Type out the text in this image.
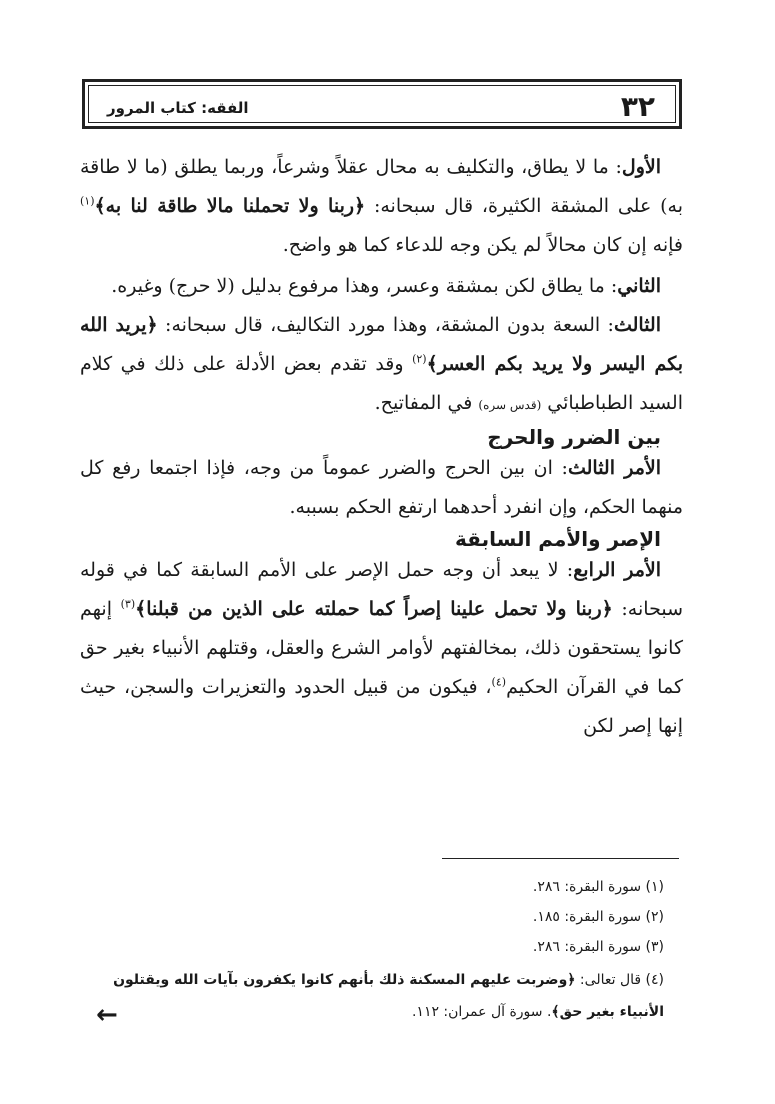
٣٢
الفقه: كتاب المرور

الأول: ما لا يطاق، والتكليف به محال عقلاً وشرعاً، وربما يطلق (ما لا طاقة به) على المشقة الكثيرة، قال سبحانه: ﴿ربنا ولا تحملنا مالا طاقة لنا به﴾$^{(١)}$ فإنه إن كان محالاً لم يكن وجه للدعاء كما هو واضح.

الثاني: ما يطاق لكن بمشقة وعسر، وهذا مرفوع بدليل (لا حرج) وغيره.

الثالث: السعة بدون المشقة، وهذا مورد التكاليف، قال سبحانه: ﴿يريد الله بكم اليسر ولا يريد بكم العسر﴾$^{(٢)}$ وقد تقدم بعض الأدلة على ذلك في كلام السيد الطباطبائي (قدس سره) في المفاتيح.

بين الضرر والحرج

الأمر الثالث: ان بين الحرج والضرر عموماً من وجه، فإذا اجتمعا رفع كل منهما الحكم، وإن انفرد أحدهما ارتفع الحكم بسببه.

الإصر والأمم السابقة

الأمر الرابع: لا يبعد أن وجه حمل الإصر على الأمم السابقة كما في قوله سبحانه: ﴿ربنا ولا تحمل علينا إصراً كما حملته على الذين من قبلنا﴾$^{(٣)}$ إنهم كانوا يستحقون ذلك، بمخالفتهم لأوامر الشرع والعقل، وقتلهم الأنبياء بغير حق كما في القرآن الحكيم$^{(٤)}$، فيكون من قبيل الحدود والتعزيرات والسجن، حيث إنها إصر لكن

(١) سورة البقرة: ٢٨٦.
(٢) سورة البقرة: ١٨٥.
(٣) سورة البقرة: ٢٨٦.
(٤) قال تعالى: ﴿وضربت عليهم المسكنة ذلك بأنهم كانوا يكفرون بآيات الله ويقتلون الأنبياء بغير حق﴾. سورة آل عمران: ١١٢.
←
